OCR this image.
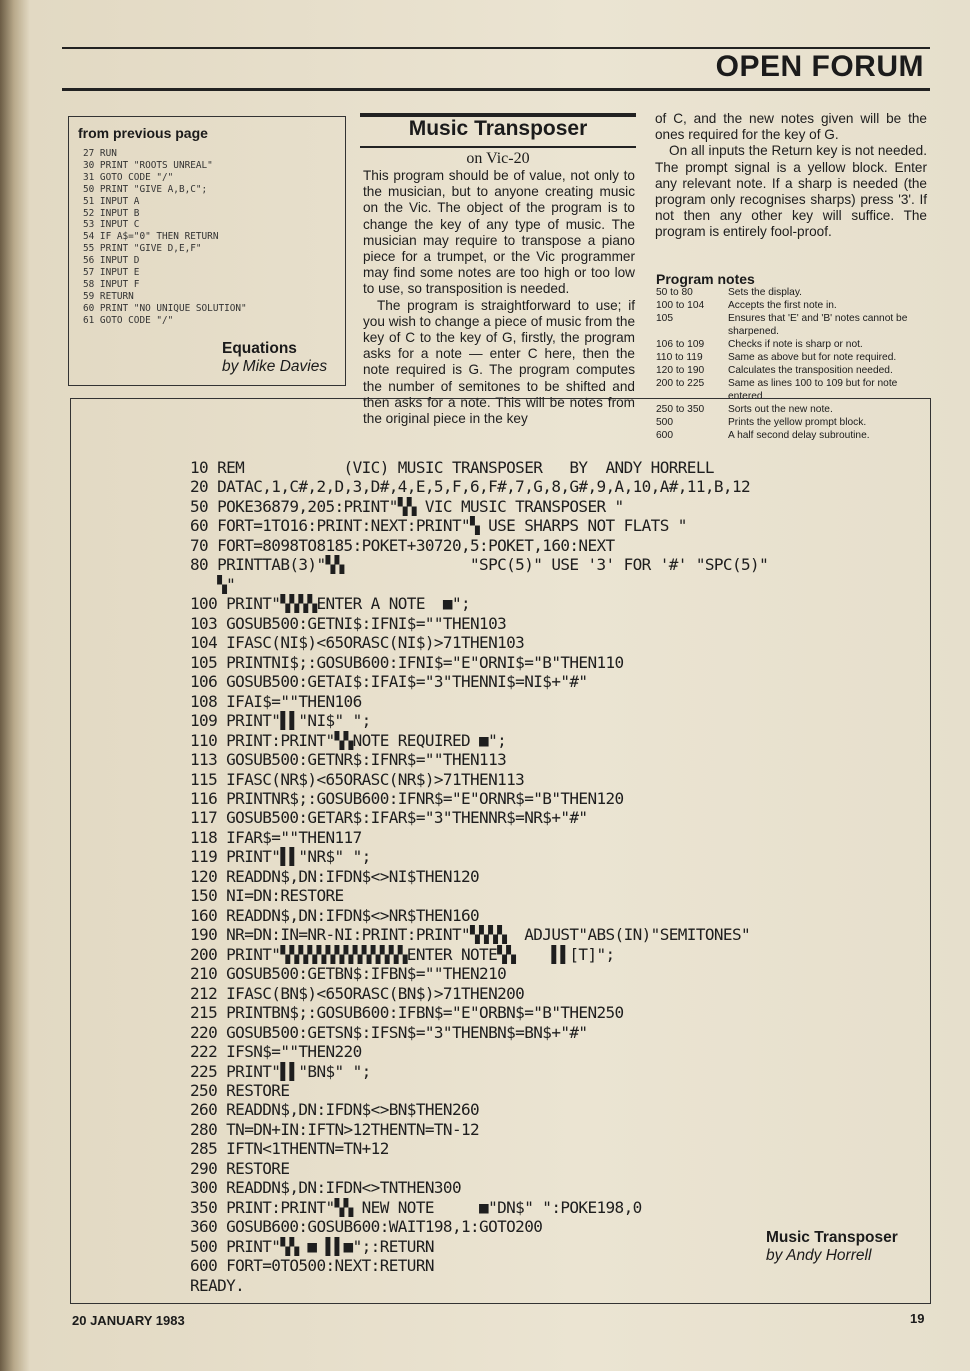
OPEN FORUM
from previous page
27 RUN
30 PRINT "ROOTS UNREAL"
31 GOTO CODE "/"
50 PRINT "GIVE A,B,C";
51 INPUT A
52 INPUT B
53 INPUT C
54 IF A$="0" THEN RETURN
55 PRINT "GIVE D,E,F"
56 INPUT D
57 INPUT E
58 INPUT F
59 RETURN
60 PRINT "NO UNIQUE SOLUTION"
61 GOTO CODE "/"
Equations
by Mike Davies
Music Transposer
on Vic-20

This program should be of value, not only to the musician, but to anyone creating music on the Vic. The object of the program is to change the key of any type of music. The musician may require to transpose a piano piece for a trumpet, or the Vic programmer may find some notes are too high or too low to use, so transposition is needed.

The program is straightforward to use; if you wish to change a piece of music from the key of C to the key of G, firstly, the program asks for a note — enter C here, then the note required is G. The program computes the number of semitones to be shifted and then asks for a note. This will be notes from the original piece in the key

of C, and the new notes given will be the ones required for the key of G.

On all inputs the Return key is not needed. The prompt signal is a yellow block. Enter any relevant note. If a sharp is needed (the program only recognises sharps) press '3'. If not then any other key will suffice. The program is entirely fool-proof.

Program notes
50 to 80	Sets the display.
100 to 104	Accepts the first note in.
105	Ensures that 'E' and 'B' notes cannot be sharpened.
106 to 109	Checks if note is sharp or not.
110 to 119	Same as above but for note required.
120 to 190	Calculates the transposition needed.
200 to 225	Same as lines 100 to 109 but for note entered.
250 to 350	Sorts out the new note.
500	Prints the yellow prompt block.
600	A half second delay subroutine.
10 REM           (VIC) MUSIC TRANSPOSER   BY  ANDY HORRELL
20 DATAC,1,C#,2,D,3,D#,4,E,5,F,6,F#,7,G,8,G#,9,A,10,A#,11,B,12
50 POKE36879,205:PRINT"▚▚ VIC MUSIC TRANSPOSER "
60 FORT=1TO16:PRINT:NEXT:PRINT"▚ USE SHARPS NOT FLATS "
70 FORT=8098TO8185:POKET+30720,5:POKET,160:NEXT
80 PRINTTAB(3)"▚▚              "SPC(5)" USE '3' FOR '#' "SPC(5)"
▚"
100 PRINT"▚▚▚▚ENTER A NOTE  ■";
103 GOSUB500:GETNI$:IFNI$=""THEN103
104 IFASC(NI$)<65ORASC(NI$)>71THEN103
105 PRINTNI$;:GOSUB600:IFNI$="E"ORNI$="B"THEN110
106 GOSUB500:GETAI$:IFAI$="3"THENNI$=NI$+"#"
108 IFAI$=""THEN106
109 PRINT"▌▌"NI$" ";
110 PRINT:PRINT"▚▚NOTE REQUIRED ■";
113 GOSUB500:GETNR$:IFNR$=""THEN113
115 IFASC(NR$)<65ORASC(NR$)>71THEN113
116 PRINTNR$;:GOSUB600:IFNR$="E"ORNR$="B"THEN120
117 GOSUB500:GETAR$:IFAR$="3"THENNR$=NR$+"#"
118 IFAR$=""THEN117
119 PRINT"▌▌"NR$" ";
120 READDN$,DN:IFDN$<>NI$THEN120
150 NI=DN:RESTORE
160 READDN$,DN:IFDN$<>NR$THEN160
190 NR=DN:IN=NR-NI:PRINT:PRINT"▚▚▚▚  ADJUST"ABS(IN)"SEMITONES"
200 PRINT"▚▚▚▚▚▚▚▚▚▚▚▚▚▚ENTER NOTE▚▚    ▌▌[T]";
210 GOSUB500:GETBN$:IFBN$=""THEN210
212 IFASC(BN$)<65ORASC(BN$)>71THEN200
215 PRINTBN$;:GOSUB600:IFBN$="E"ORBN$="B"THEN250
220 GOSUB500:GETSN$:IFSN$="3"THENBN$=BN$+"#"
222 IFSN$=""THEN220
225 PRINT"▌▌"BN$" ";
250 RESTORE
260 READDN$,DN:IFDN$<>BN$THEN260
280 TN=DN+IN:IFTN>12THENTN=TN-12
285 IFTN<1THENTN=TN+12
290 RESTORE
300 READDN$,DN:IFDN<>TNTHEN300
350 PRINT:PRINT"▚▚ NEW NOTE     ■"DN$" ":POKE198,0
360 GOSUB600:GOSUB600:WAIT198,1:GOTO200
500 PRINT"▚▚ ■ ▌▌■";:RETURN
600 FORT=0TO500:NEXT:RETURN
READY.
Music Transposer
by Andy Horrell
20 JANUARY 1983	19
